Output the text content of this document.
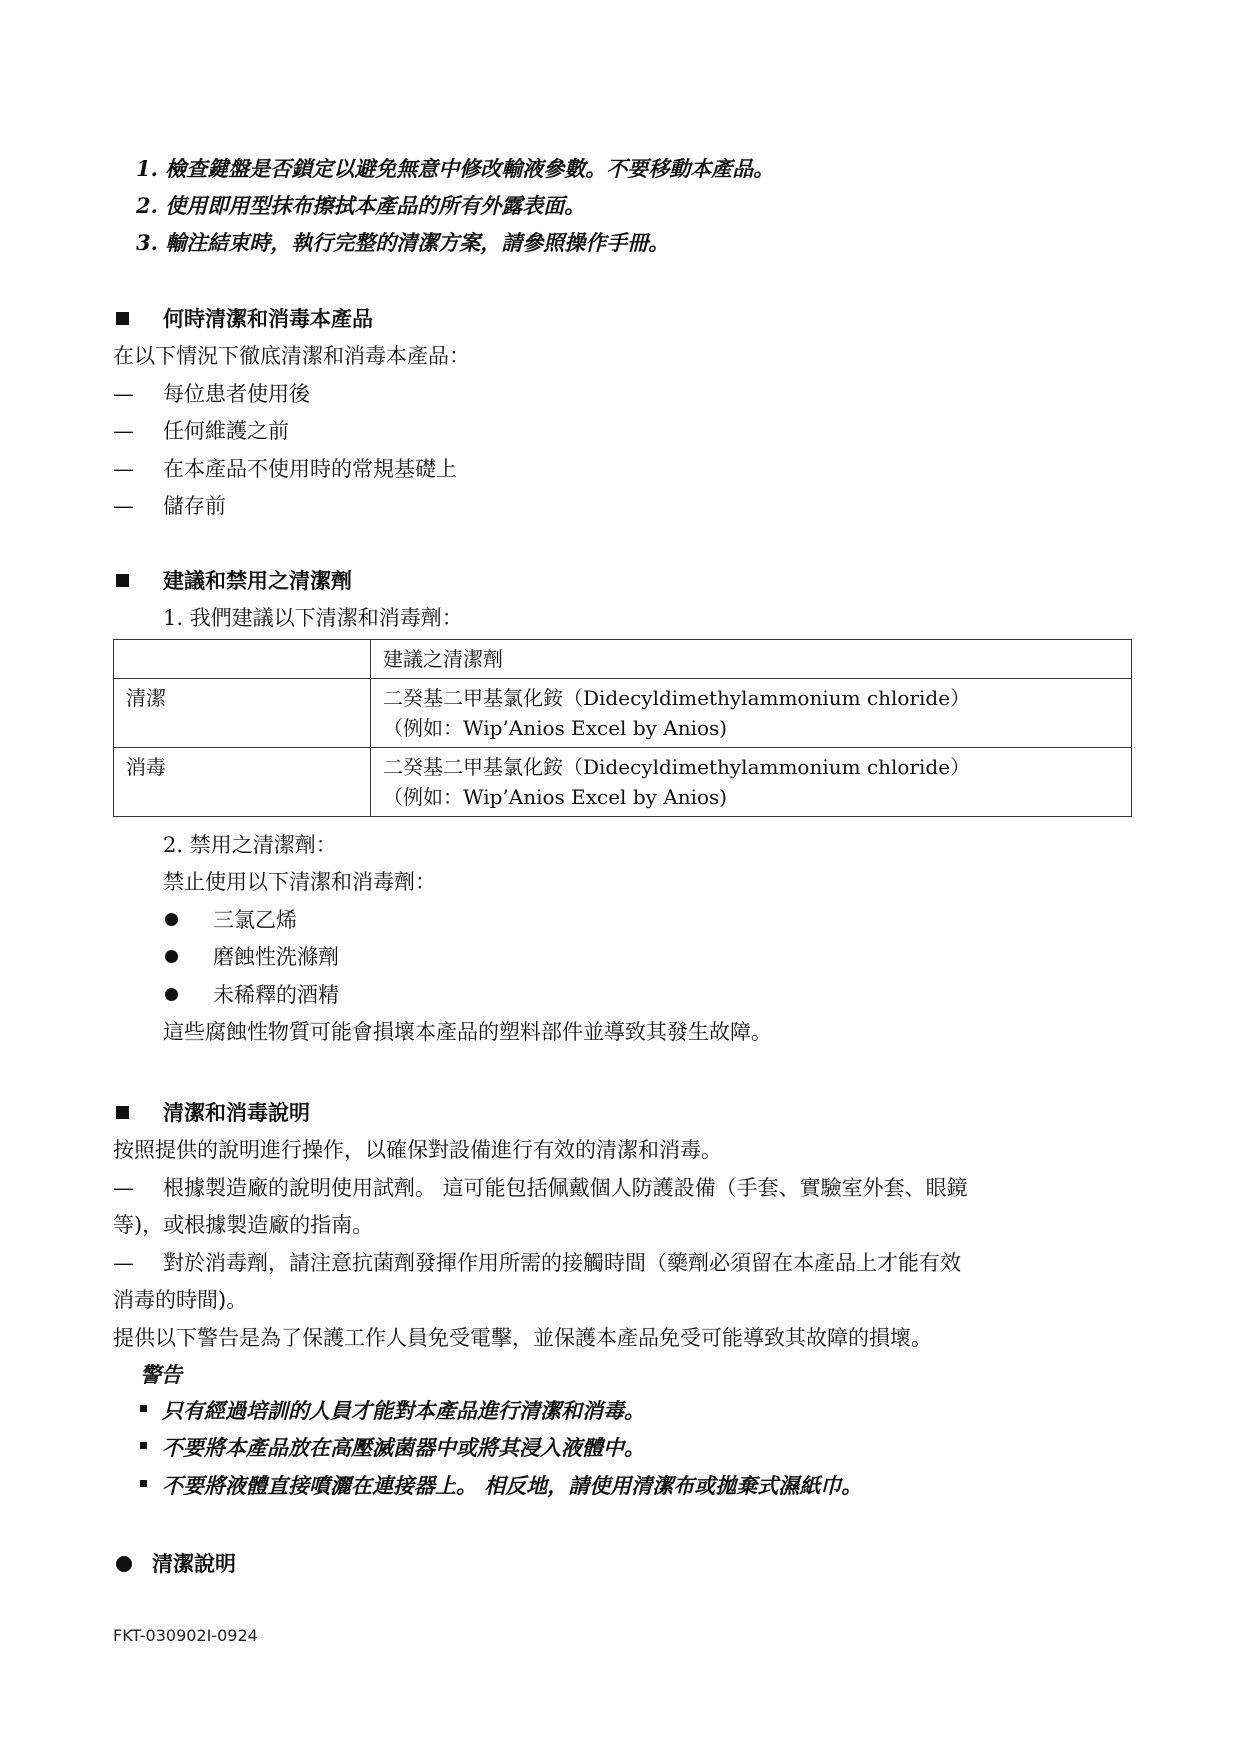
1. 檢查鍵盤是否鎖定以避免無意中修改輸液參數。不要移動本產品。
2. 使用即用型抹布擦拭本產品的所有外露表面。
3. 輸注結束時，執行完整的清潔方案，請參照操作手冊。
何時清潔和消毒本產品
在以下情況下徹底清潔和消毒本產品：
— 每位患者使用後
— 任何維護之前
— 在本產品不使用時的常規基礎上
— 儲存前
建議和禁用之清潔劑
1. 我們建議以下清潔和消毒劑：
	建議之清潔劑
清潔	二癸基二甲基氯化銨（Didecyldimethylammonium chloride）
（例如：Wip’Anios Excel by Anios)

消毒	二癸基二甲基氯化銨（Didecyldimethylammonium chloride）
（例如：Wip’Anios Excel by Anios)
2. 禁用之清潔劑：
禁止使用以下清潔和消毒劑：
三氯乙烯
磨蝕性洗滌劑
未稀釋的酒精
這些腐蝕性物質可能會損壞本產品的塑料部件並導致其發生故障。
清潔和消毒說明
按照提供的說明進行操作，以確保對設備進行有效的清潔和消毒。
— 根據製造廠的說明使用試劑。 這可能包括佩戴個人防護設備（手套、實驗室外套、眼鏡
等)，或根據製造廠的指南。
— 對於消毒劑，請注意抗菌劑發揮作用所需的接觸時間（藥劑必須留在本產品上才能有效
消毒的時間)。
提供以下警告是為了保護工作人員免受電擊，並保護本產品免受可能導致其故障的損壞。
警告
只有經過培訓的人員才能對本產品進行清潔和消毒。
不要將本產品放在高壓滅菌器中或將其浸入液體中。
不要將液體直接噴灑在連接器上。 相反地，請使用清潔布或拋棄式濕紙巾。
清潔說明
FKT-030902I-0924
